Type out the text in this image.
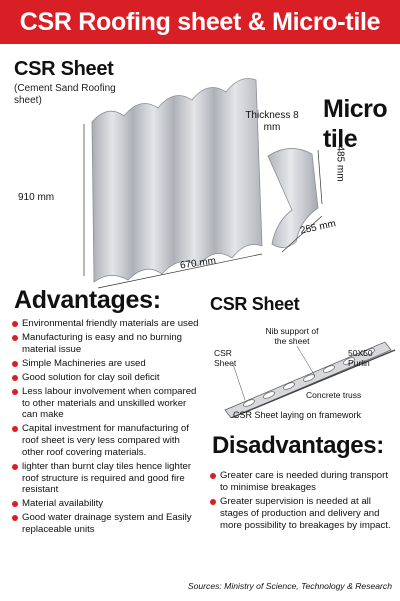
CSR Roofing sheet & Micro-tile
CSR Sheet
(Cement Sand Roofing sheet)	Micro tile
Thickness 8 mm
910 mm
670 mm
255 mm
485 mm
Advantages:
Environmental friendly materials are used
Manufacturing is easy and no burning material issue
Simple Machineries are used
Good solution for clay soil deficit
Less labour involvement when compared to other materials and unskilled worker can make
Capital investment for manufacturing of roof sheet is very less compared with other roof covering materials.
lighter than burnt clay tiles hence lighter roof structure is required and good fire resistant
Material availability
Good water drainage system and Easily replaceable units
CSR Sheet
Nib support of the sheet
CSR Sheet
50X50 Purlin
Concrete truss
CSR Sheet laying on framework
Disadvantages:
Greater care is needed during transport to minimise breakages
Greater supervision is needed at all stages of production and delivery and more possibility to breakages by impact.
Sources: Ministry of Science, Technology & Research
